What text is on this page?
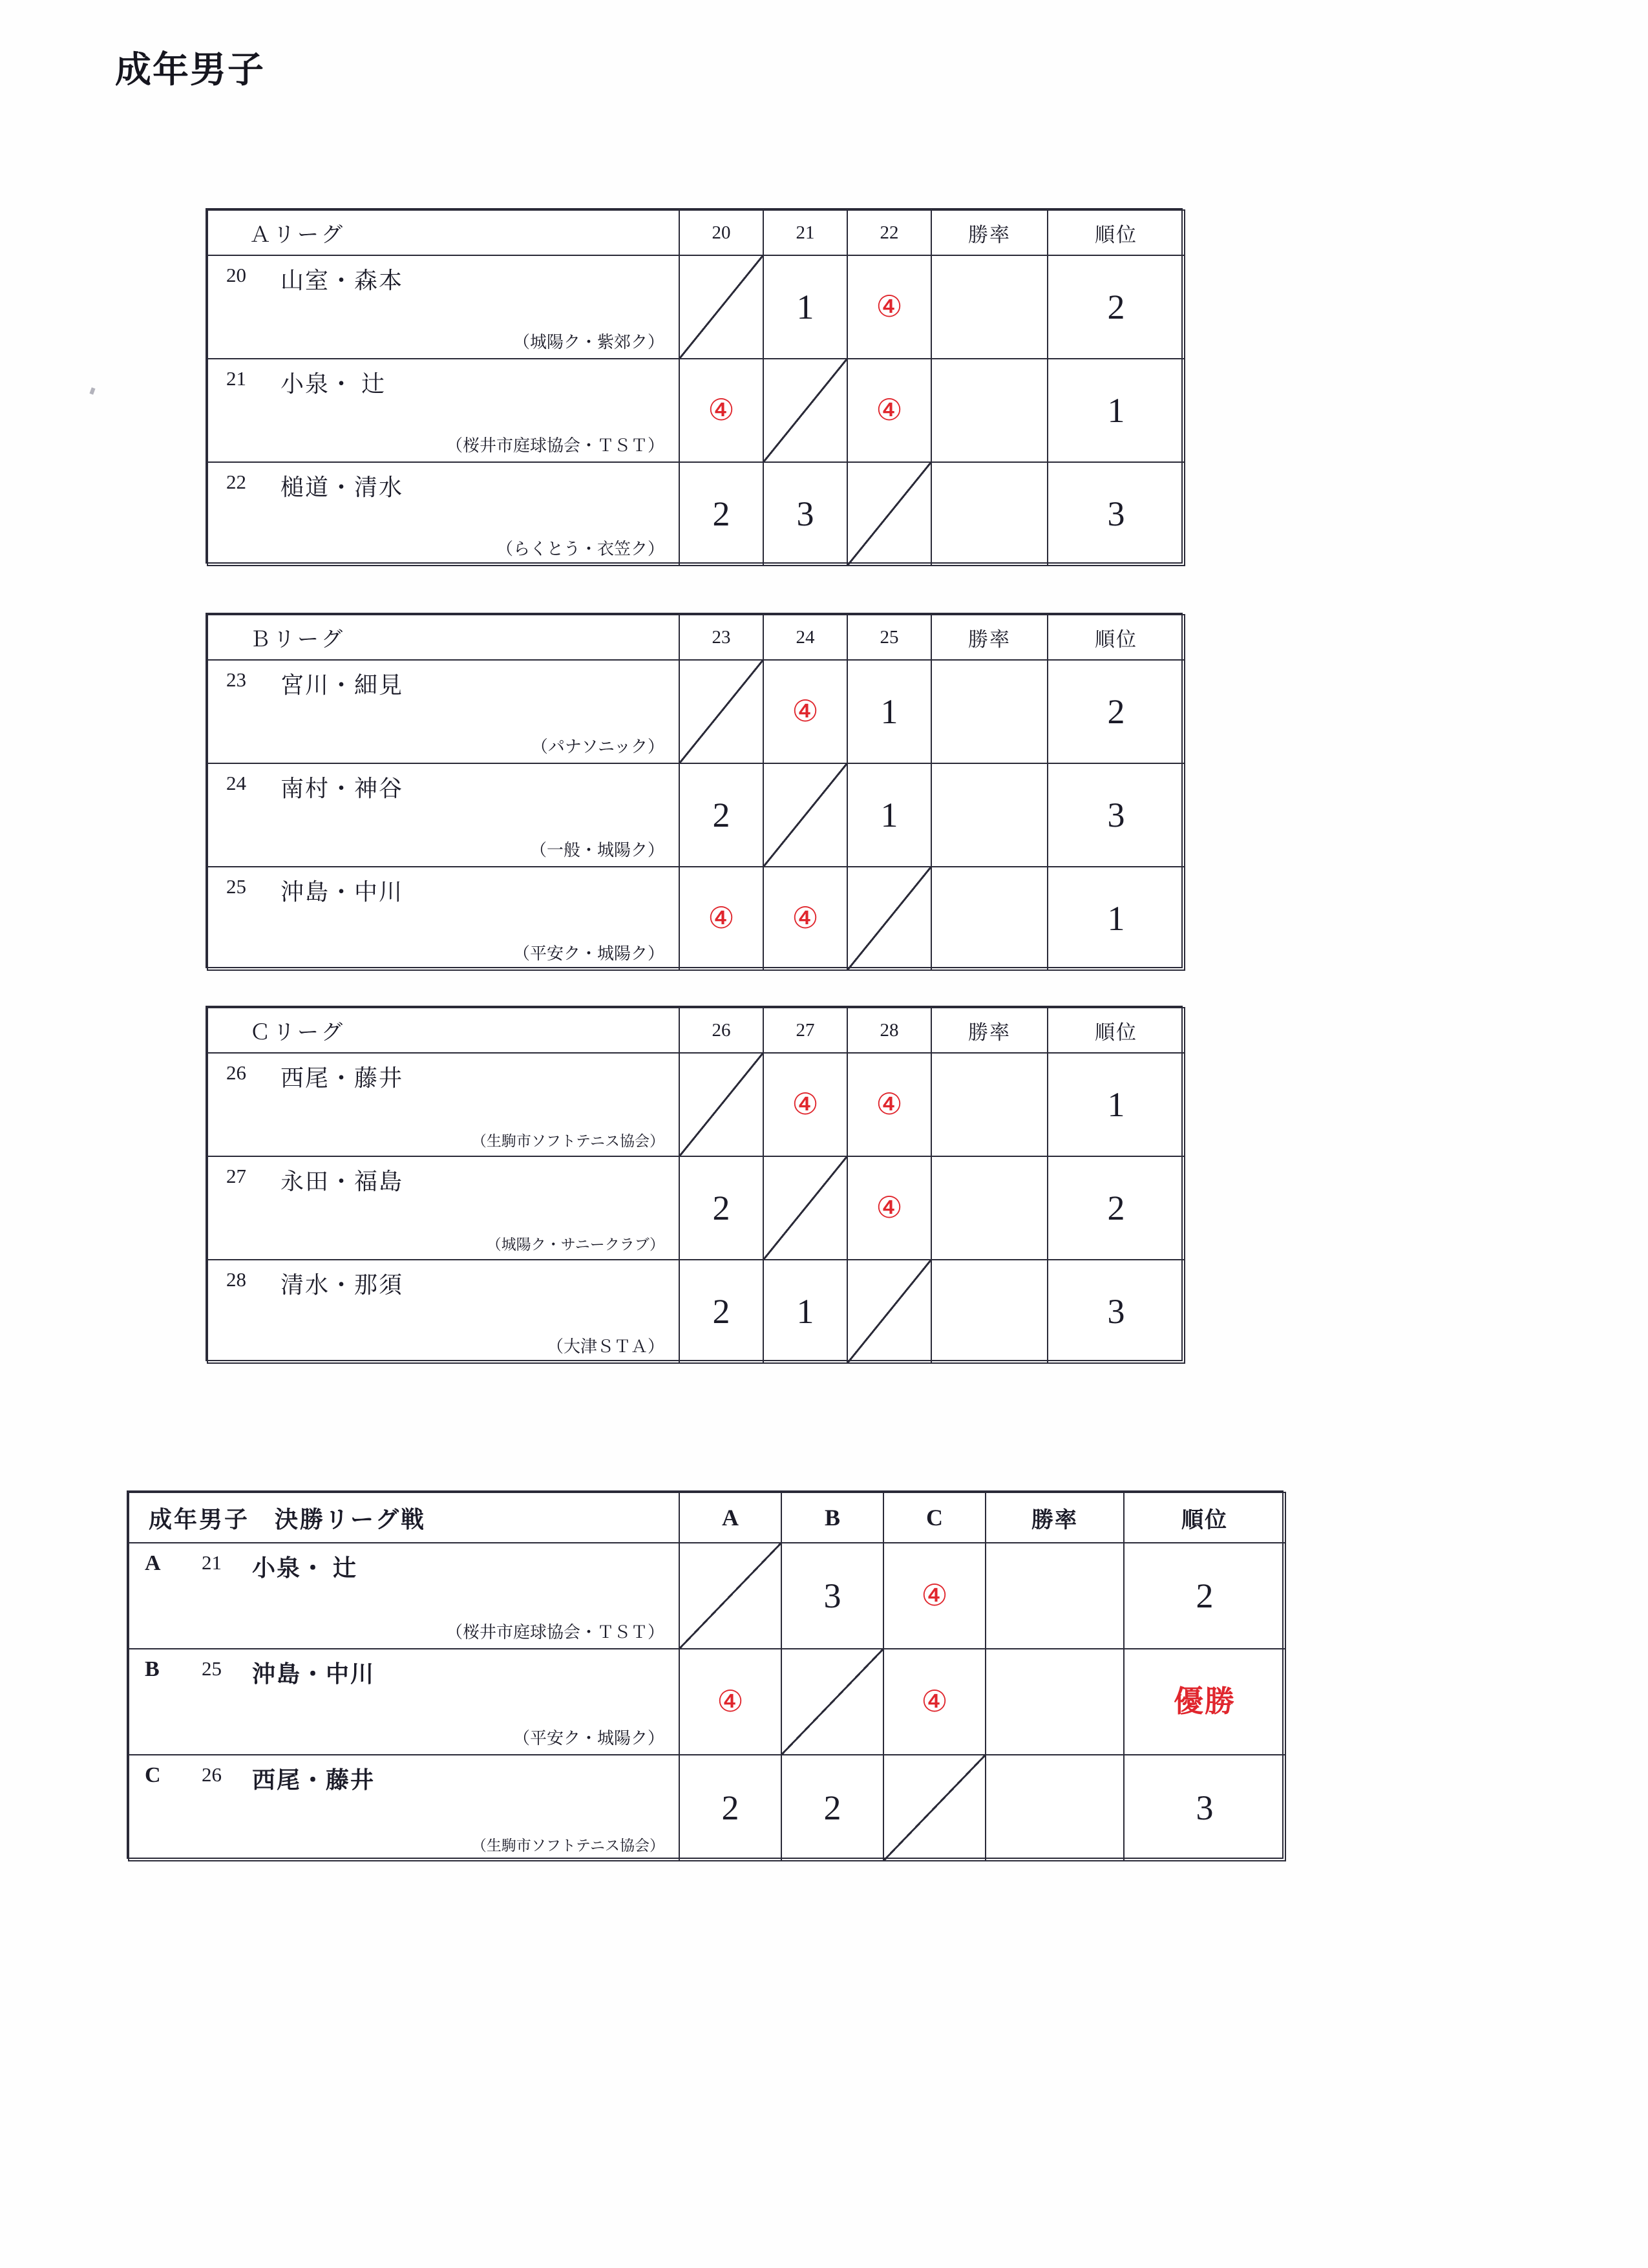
成年男子
Ａリーグ	20	21	22	勝率	順位

20 山室・森本
（城陽ク・紫郊ク）		1	④		2

21 小泉・ 辻
（桜井市庭球協会・ＴＳＴ）	④		④		1

22 槌道・清水
（らくとう・衣笠ク）	2	3			3
Ｂリーグ	23	24	25	勝率	順位

23 宮川・細見
（パナソニック）		④	1		2

24 南村・神谷
（一般・城陽ク）	2		1		3

25 沖島・中川
（平安ク・城陽ク）	④	④			1
Ｃリーグ	26	27	28	勝率	順位

26 西尾・藤井
（生駒市ソフトテニス協会）		④	④		1

27 永田・福島
（城陽ク・サニークラブ）	2		④		2

28 清水・那須
（大津ＳＴＡ）	2	1			3
成年男子　決勝リーグ戦	A	B	C	勝率	順位

A 21 小泉・ 辻
（桜井市庭球協会・ＴＳＴ）		3	④		2

B 25 沖島・中川
（平安ク・城陽ク）	④		④		優勝

C 26 西尾・藤井
（生駒市ソフトテニス協会）	2	2			3
